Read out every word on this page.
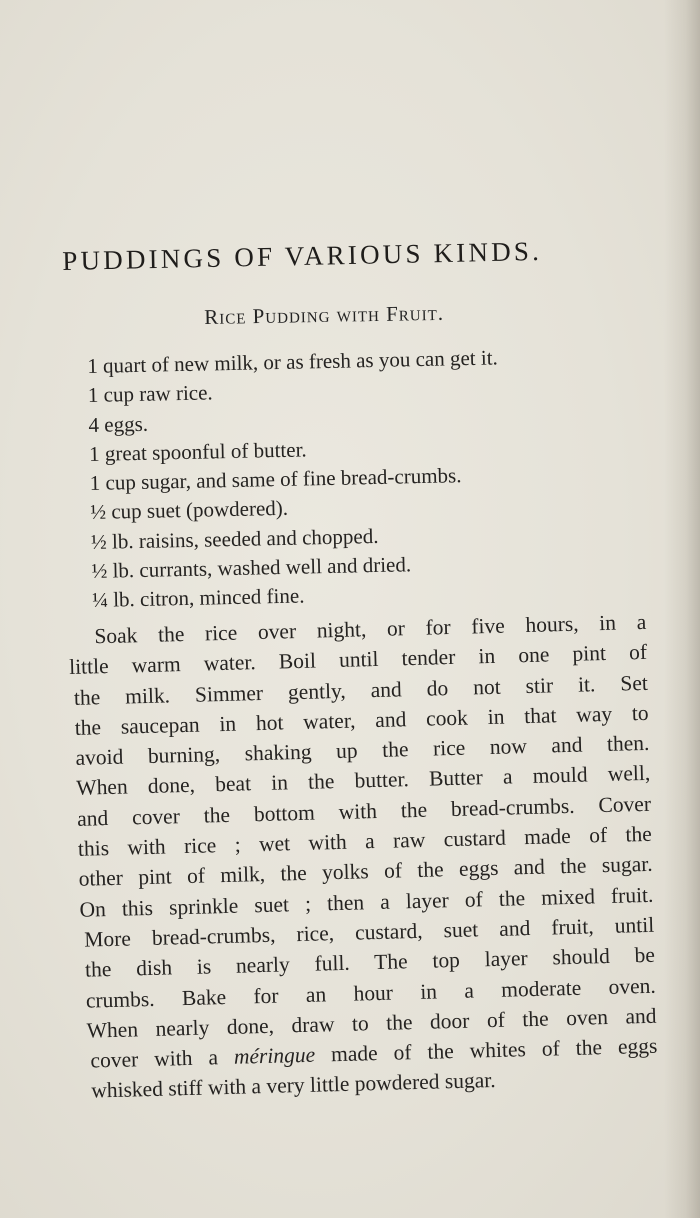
PUDDINGS OF VARIOUS KINDS.
Rice Pudding with Fruit.
1 quart of new milk, or as fresh as you can get it.
1 cup raw rice.
4 eggs.
1 great spoonful of butter.
1 cup sugar, and same of fine bread-crumbs.
½ cup suet (powdered).
½ lb. raisins, seeded and chopped.
½ lb. currants, washed well and dried.
¼ lb. citron, minced fine.
Soak the rice over night, or for five hours, in a
little warm water. Boil until tender in one pint of
the milk. Simmer gently, and do not stir it. Set
the saucepan in hot water, and cook in that way to
avoid burning, shaking up the rice now and then.
When done, beat in the butter. Butter a mould well,
and cover the bottom with the bread-crumbs. Cover
this with rice ; wet with a raw custard made of the
other pint of milk, the yolks of the eggs and the sugar.
On this sprinkle suet ; then a layer of the mixed fruit.
More bread-crumbs, rice, custard, suet and fruit, until
the dish is nearly full. The top layer should be
crumbs. Bake for an hour in a moderate oven.
When nearly done, draw to the door of the oven and
cover with a méringue made of the whites of the eggs
whisked stiff with a very little powdered sugar.
